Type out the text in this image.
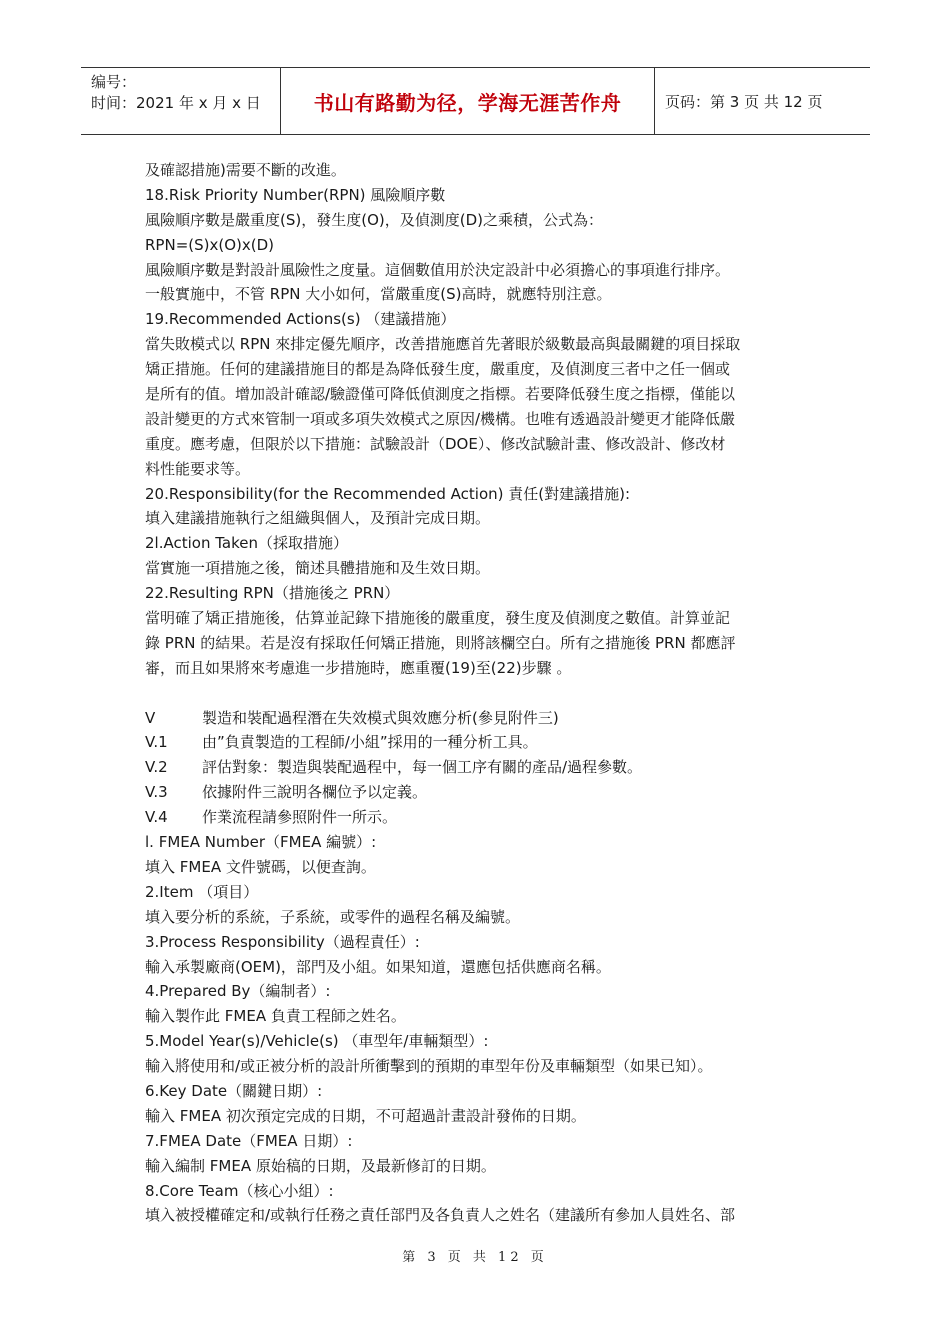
编号：
时间：2021 年 x 月 x 日	书山有路勤为径，学海无涯苦作舟	页码：第 3 页 共 12 页
及確認措施)需要不斷的改進。
18.Risk Priority Number(RPN) 風險順序數
風險順序數是嚴重度(S)，發生度(O)，及偵測度(D)之乘積，公式為：
RPN=(S)x(O)x(D)
風險順序數是對設計風險性之度量。這個數值用於決定設計中必須擔心的事項進行排序。
一般實施中，不管 RPN 大小如何，當嚴重度(S)高時，就應特別注意。
19.Recommended Actions(s) （建議措施）
當失敗模式以 RPN 來排定優先順序，改善措施應首先著眼於級數最高與最關鍵的項目採取
矯正措施。任何的建議措施目的都是為降低發生度，嚴重度，及偵測度三者中之任一個或
是所有的值。增加設計確認/驗證僅可降低偵測度之指標。若要降低發生度之指標，僅能以
設計變更的方式來管制一項或多項失效模式之原因/機構。也唯有透過設計變更才能降低嚴
重度。應考慮，但限於以下措施：試驗設計（DOE）、修改試驗計畫、修改設計、修改材
料性能要求等。
20.Responsibility(for the Recommended Action) 責任(對建議措施):
填入建議措施執行之組織與個人，及預計完成日期。
2l.Action Taken（採取措施）
當實施一項措施之後，簡述具體措施和及生效日期。
22.Resulting RPN（措施後之 PRN）
當明確了矯正措施後，估算並記錄下措施後的嚴重度，發生度及偵測度之數值。計算並記
錄 PRN 的結果。若是沒有採取任何矯正措施，則將該欄空白。所有之措施後 PRN 都應評
審，而且如果將來考慮進一步措施時，應重覆(19)至(22)步驟 。
V	製造和裝配過程潛在失效模式與效應分析(參見附件三)
V.1 由”負責製造的工程師/小組”採用的一種分析工具。
V.2 評估對象：製造與裝配過程中，每一個工序有關的產品/過程參數。
V.3 依據附件三說明各欄位予以定義。
V.4 作業流程請參照附件一所示。
l. FMEA Number（FMEA 編號）:
填入 FMEA 文件號碼，以便查詢。
2.Item （項目）
填入要分析的系統，子系統，或零件的過程名稱及編號。
3.Process Responsibility（過程責任）:
輸入承製廠商(OEM)，部門及小組。如果知道，還應包括供應商名稱。
4.Prepared By（編制者）:
輸入製作此 FMEA 負責工程師之姓名。
5.Model Year(s)/Vehicle(s) （車型年/車輛類型）:
輸入將使用和/或正被分析的設計所衝擊到的預期的車型年份及車輛類型（如果已知）。
6.Key Date（關鍵日期）:
輸入 FMEA 初次預定完成的日期，不可超過計畫設計發佈的日期。
7.FMEA Date（FMEA 日期）:
輸入編制 FMEA 原始稿的日期，及最新修訂的日期。
8.Core Team（核心小組）:
填入被授權確定和/或執行任務之責任部門及各負責人之姓名（建議所有參加人員姓名、部
第 3 页 共 12 页
